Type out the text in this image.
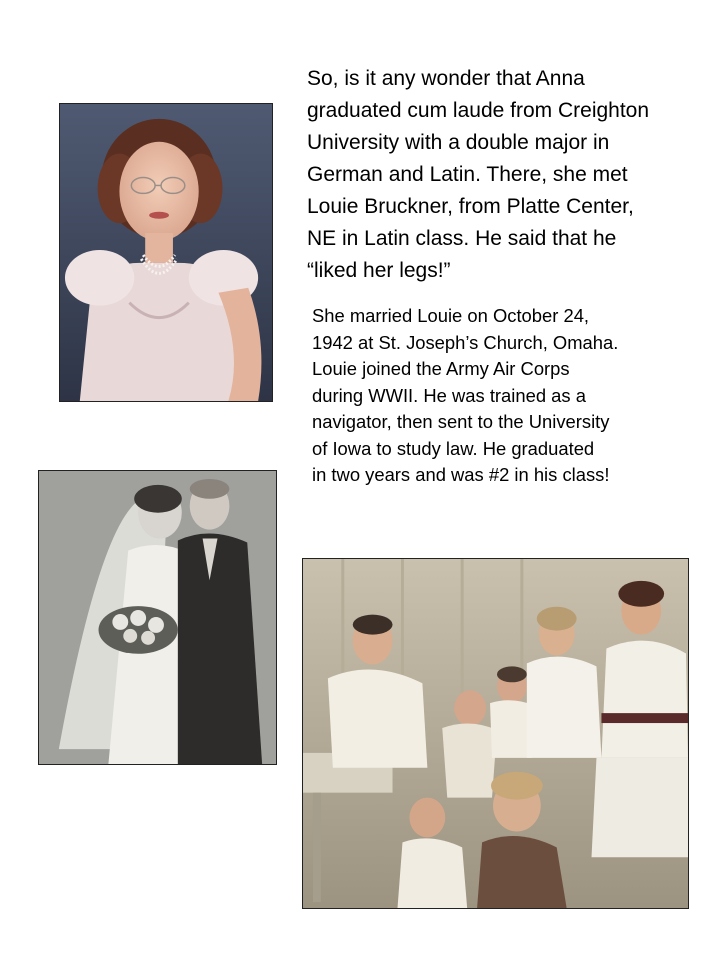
So, is it any wonder that Anna
graduated cum laude from Creighton
University with a double major in
German and Latin. There, she met
Louie Bruckner, from Platte Center,
NE in Latin class. He said that he
“liked her legs!”

She married Louie on October 24,
1942 at St. Joseph’s Church, Omaha.
Louie joined the Army Air Corps
during WWII. He was trained as a
navigator, then sent to the University
of Iowa to study law. He graduated
in two years and was #2 in his class!
